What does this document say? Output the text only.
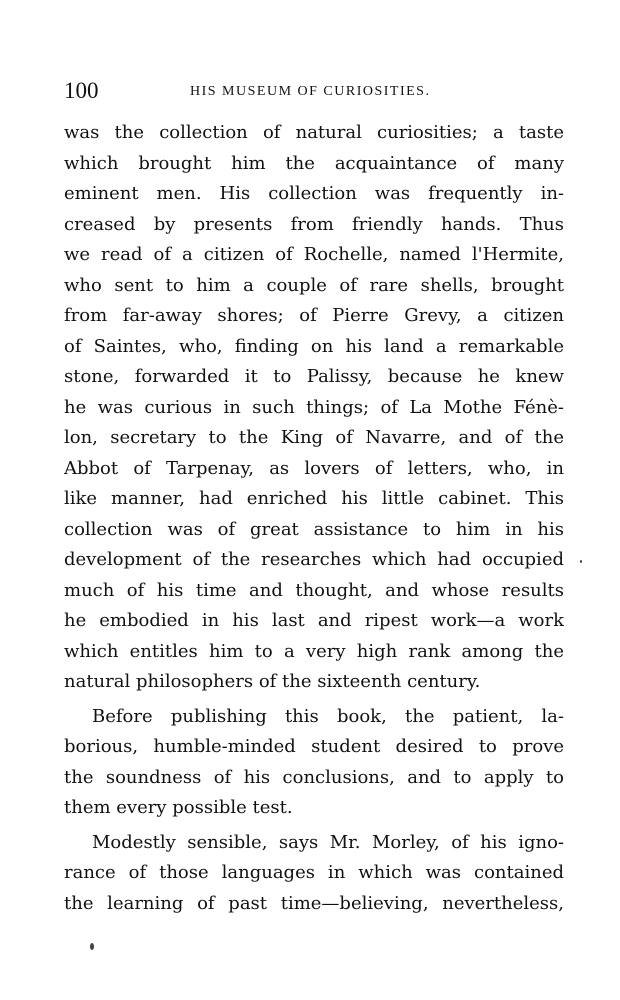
100	HIS MUSEUM OF CURIOSITIES.
was the collection of natural curiosities; a taste
which brought him the acquaintance of many
eminent men. His collection was frequently in-
creased by presents from friendly hands. Thus
we read of a citizen of Rochelle, named l'Hermite,
who sent to him a couple of rare shells, brought
from far-away shores; of Pierre Grevy, a citizen
of Saintes, who, finding on his land a remarkable
stone, forwarded it to Palissy, because he knew
he was curious in such things; of La Mothe Fénè-
lon, secretary to the King of Navarre, and of the
Abbot of Tarpenay, as lovers of letters, who, in
like manner, had enriched his little cabinet. This
collection was of great assistance to him in his
development of the researches which had occupied
much of his time and thought, and whose results
he embodied in his last and ripest work—a work
which entitles him to a very high rank among the
natural philosophers of the sixteenth century.
Before publishing this book, the patient, la-
borious, humble-minded student desired to prove
the soundness of his conclusions, and to apply to
them every possible test.
Modestly sensible, says Mr. Morley, of his igno-
rance of those languages in which was contained
the learning of past time—believing, nevertheless,
